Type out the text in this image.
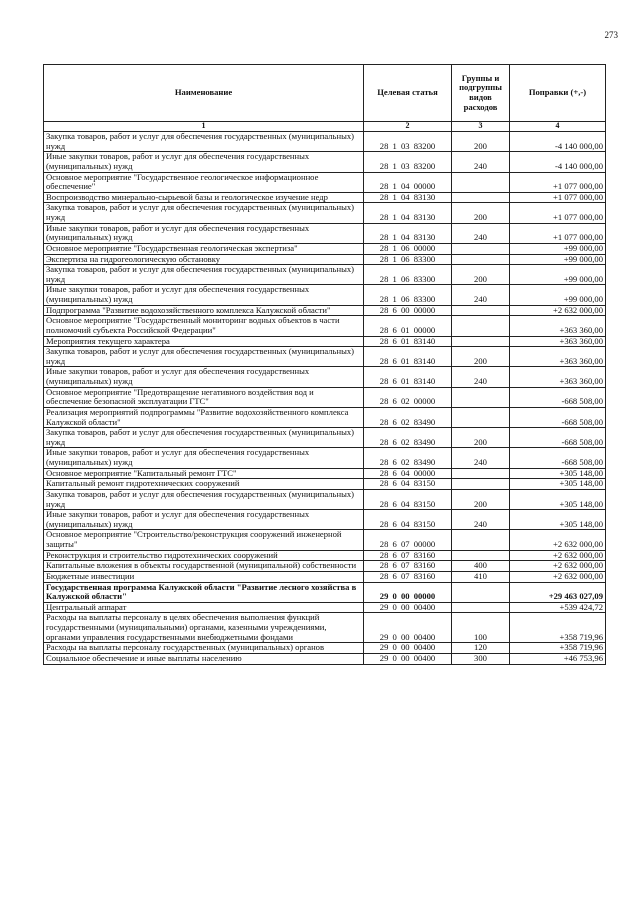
273
Наименование	Целевая статья	Группы и подгруппы видов расходов	Поправки (+,-)
1	2	3	4
Закупка товаров, работ и услуг для обеспечения государственных (муниципальных) нужд	28 1 03 83200	200	-4 140 000,00
Иные закупки товаров, работ и услуг для обеспечения государственных (муниципальных) нужд	28 1 03 83200	240	-4 140 000,00
Основное мероприятие "Государственное геологическое информационное обеспечение"	28 1 04 00000		+1 077 000,00
Воспроизводство минерально-сырьевой базы и геологическое изучение недр	28 1 04 83130		+1 077 000,00
Закупка товаров, работ и услуг для обеспечения государственных (муниципальных) нужд	28 1 04 83130	200	+1 077 000,00
Иные закупки товаров, работ и услуг для обеспечения государственных (муниципальных) нужд	28 1 04 83130	240	+1 077 000,00
Основное мероприятие "Государственная геологическая экспертиза"	28 1 06 00000		+99 000,00
Экспертиза на гидрогеологическую обстановку	28 1 06 83300		+99 000,00
Закупка товаров, работ и услуг для обеспечения государственных (муниципальных) нужд	28 1 06 83300	200	+99 000,00
Иные закупки товаров, работ и услуг для обеспечения государственных (муниципальных) нужд	28 1 06 83300	240	+99 000,00
Подпрограмма "Развитие водохозяйственного комплекса Калужской области"	28 6 00 00000		+2 632 000,00
Основное мероприятие "Государственный мониторинг водных объектов в части полномочий субъекта Российской Федерации"	28 6 01 00000		+363 360,00
Мероприятия текущего характера	28 6 01 83140		+363 360,00
Закупка товаров, работ и услуг для обеспечения государственных (муниципальных) нужд	28 6 01 83140	200	+363 360,00
Иные закупки товаров, работ и услуг для обеспечения государственных (муниципальных) нужд	28 6 01 83140	240	+363 360,00
Основное мероприятие "Предотвращение негативного воздействия вод и обеспечение безопасной эксплуатации ГТС"	28 6 02 00000		-668 508,00
Реализация мероприятий подпрограммы "Развитие водохозяйственного комплекса Калужской области"	28 6 02 83490		-668 508,00
Закупка товаров, работ и услуг для обеспечения государственных (муниципальных) нужд	28 6 02 83490	200	-668 508,00
Иные закупки товаров, работ и услуг для обеспечения государственных (муниципальных) нужд	28 6 02 83490	240	-668 508,00
Основное мероприятие "Капитальный ремонт ГТС"	28 6 04 00000		+305 148,00
Капитальный ремонт гидротехнических сооружений	28 6 04 83150		+305 148,00
Закупка товаров, работ и услуг для обеспечения государственных (муниципальных) нужд	28 6 04 83150	200	+305 148,00
Иные закупки товаров, работ и услуг для обеспечения государственных (муниципальных) нужд	28 6 04 83150	240	+305 148,00
Основное мероприятие "Строительство/реконструкция сооружений инженерной защиты"	28 6 07 00000		+2 632 000,00
Реконструкция и строительство гидротехнических сооружений	28 6 07 83160		+2 632 000,00
Капитальные вложения в объекты государственной (муниципальной) собственности	28 6 07 83160	400	+2 632 000,00
Бюджетные инвестиции	28 6 07 83160	410	+2 632 000,00
Государственная программа Калужской области "Развитие лесного хозяйства в Калужской области"	29 0 00 00000		+29 463 027,09
Центральный аппарат	29 0 00 00400		+539 424,72
Расходы на выплаты персоналу в целях обеспечения выполнения функций государственными (муниципальными) органами, казенными учреждениями, органами управления государственными внебюджетными фондами	29 0 00 00400	100	+358 719,96
Расходы на выплаты персоналу государственных (муниципальных) органов	29 0 00 00400	120	+358 719,96
Социальное обеспечение и иные выплаты населению	29 0 00 00400	300	+46 753,96
